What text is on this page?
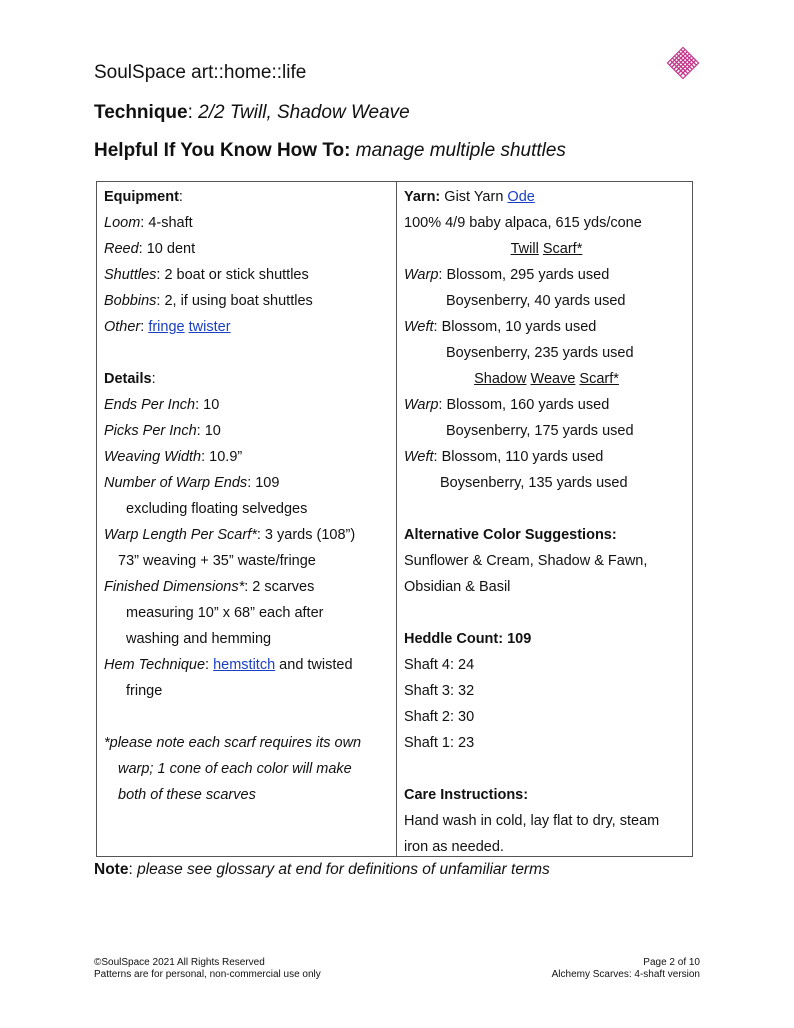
SoulSpace art::home::life
Technique: 2/2 Twill, Shadow Weave
Helpful If You Know How To: manage multiple shuttles
Equipment:
Loom: 4-shaft
Reed: 10 dent
Shuttles: 2 boat or stick shuttles
Bobbins: 2, if using boat shuttles
Other: fringe twister
Details:
Ends Per Inch: 10
Picks Per Inch: 10
Weaving Width: 10.9”
Number of Warp Ends: 109
excluding floating selvedges
Warp Length Per Scarf*: 3 yards (108”)
73” weaving + 35” waste/fringe
Finished Dimensions*: 2 scarves
measuring 10” x 68” each after
washing and hemming
Hem Technique: hemstitch and twisted
fringe
*please note each scarf requires its own
warp; 1 cone of each color will make
both of these scarves
Yarn: Gist Yarn Ode
100% 4/9 baby alpaca, 615 yds/cone
Twill Scarf*
Warp: Blossom, 295 yards used
Boysenberry, 40 yards used
Weft: Blossom, 10 yards used
Boysenberry, 235 yards used
Shadow Weave Scarf*
Warp: Blossom, 160 yards used
Boysenberry, 175 yards used
Weft: Blossom, 110 yards used
Boysenberry, 135 yards used
Alternative Color Suggestions:
Sunflower & Cream, Shadow & Fawn,
Obsidian & Basil
Heddle Count: 109
Shaft 4: 24
Shaft 3: 32
Shaft 2: 30
Shaft 1: 23
Care Instructions:
Hand wash in cold, lay flat to dry, steam
iron as needed.
Note: please see glossary at end for definitions of unfamiliar terms
©SoulSpace 2021 All Rights Reserved
Patterns are for personal, non-commercial use only
Page 2 of 10
Alchemy Scarves: 4-shaft version
